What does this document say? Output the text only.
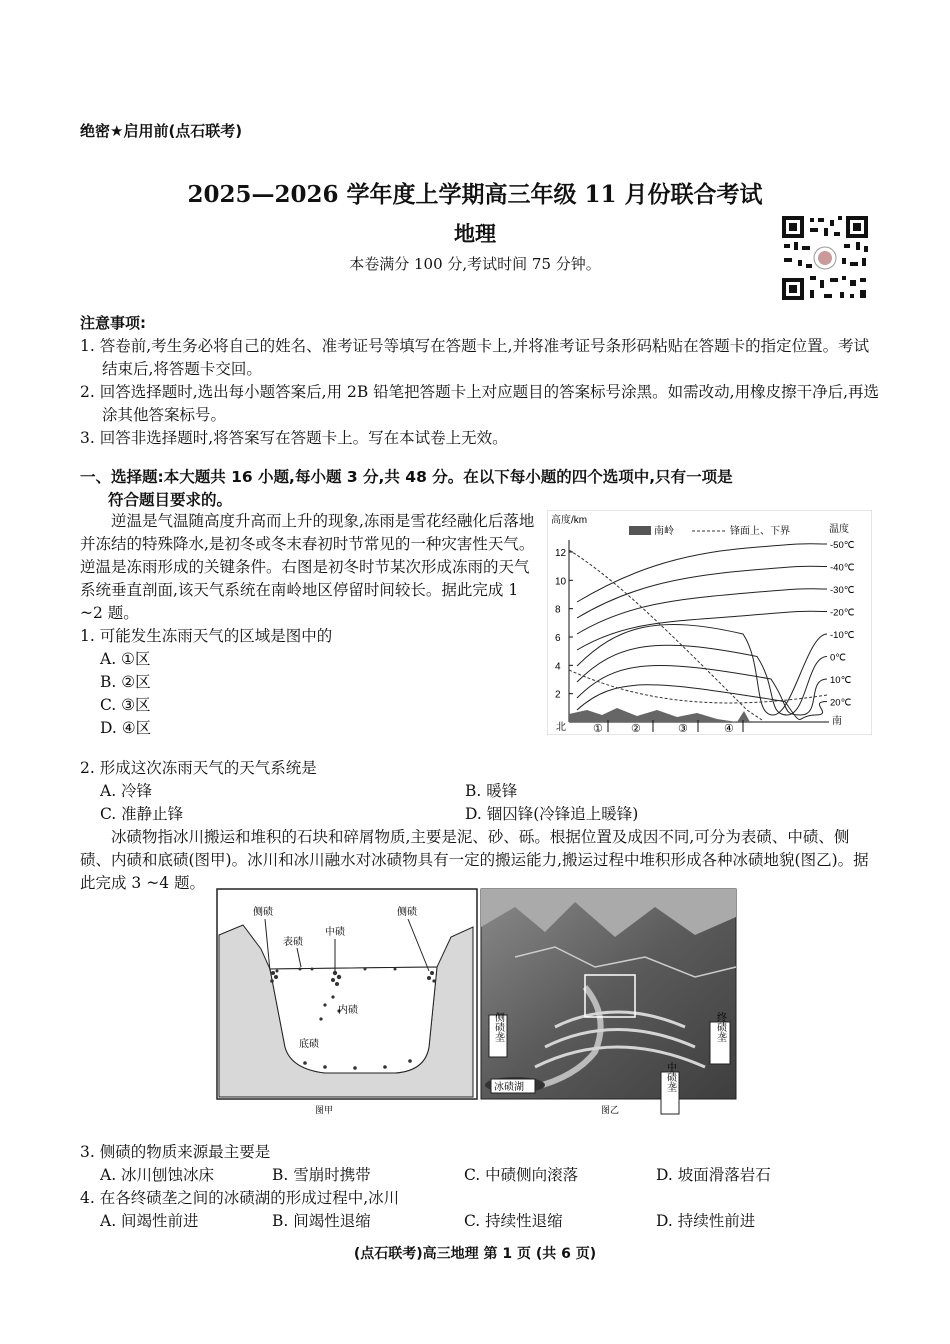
绝密★启用前(点石联考)
2025—2026 学年度上学期高三年级 11 月份联合考试
地理
本卷满分 100 分,考试时间 75 分钟。
注意事项:
1. 答卷前,考生务必将自己的姓名、准考证号等填写在答题卡上,并将准考证号条形码粘贴在答题卡的指定位置。考试结束后,将答题卡交回。
2. 回答选择题时,选出每小题答案后,用 2B 铅笔把答题卡上对应题目的答案标号涂黑。如需改动,用橡皮擦干净后,再选涂其他答案标号。
3. 回答非选择题时,将答案写在答题卡上。写在本试卷上无效。
一、选择题:本大题共 16 小题,每小题 3 分,共 48 分。在以下每小题的四个选项中,只有一项是
符合题目要求的。
逆温是气温随高度升高而上升的现象,冻雨是雪花经融化后落地并冻结的特殊降水,是初冬或冬末春初时节常见的一种灾害性天气。逆温是冻雨形成的关键条件。右图是初冬时节某次形成冻雨的天气系统垂直剖面,该天气系统在南岭地区停留时间较长。据此完成 1 ~2 题。
1. 可能发生冻雨天气的区域是图中的
A. ①区
B. ②区
C. ③区
D. ④区
高度/km
温度
南岭	锋面上、下界
2
4
6
8
10
12
-50℃
-40℃
-30℃
-20℃
-10℃
0℃
10℃
20℃
北
南
①	②	③	④
2. 形成这次冻雨天气的天气系统是
A. 冷锋	B. 暖锋
C. 准静止锋	D. 锢囚锋(冷锋追上暖锋)
冰碛物指冰川搬运和堆积的石块和碎屑物质,主要是泥、砂、砾。根据位置及成因不同,可分为表碛、中碛、侧碛、内碛和底碛(图甲)。冰川和冰川融水对冰碛物具有一定的搬运能力,搬运过程中堆积形成各种冰碛地貌(图乙)。据此完成 3 ~4 题。
侧碛
表碛
中碛
侧碛
内碛
底碛
图甲
侧碛垄	终碛垄
中碛垄
冰碛湖
图乙
3. 侧碛的物质来源最主要是
A. 冰川刨蚀冰床	B. 雪崩时携带	C. 中碛侧向滚落	D. 坡面滑落岩石
4. 在各终碛垄之间的冰碛湖的形成过程中,冰川
A. 间竭性前进	B. 间竭性退缩	C. 持续性退缩	D. 持续性前进
(点石联考)高三地理 第 1 页 (共 6 页)
